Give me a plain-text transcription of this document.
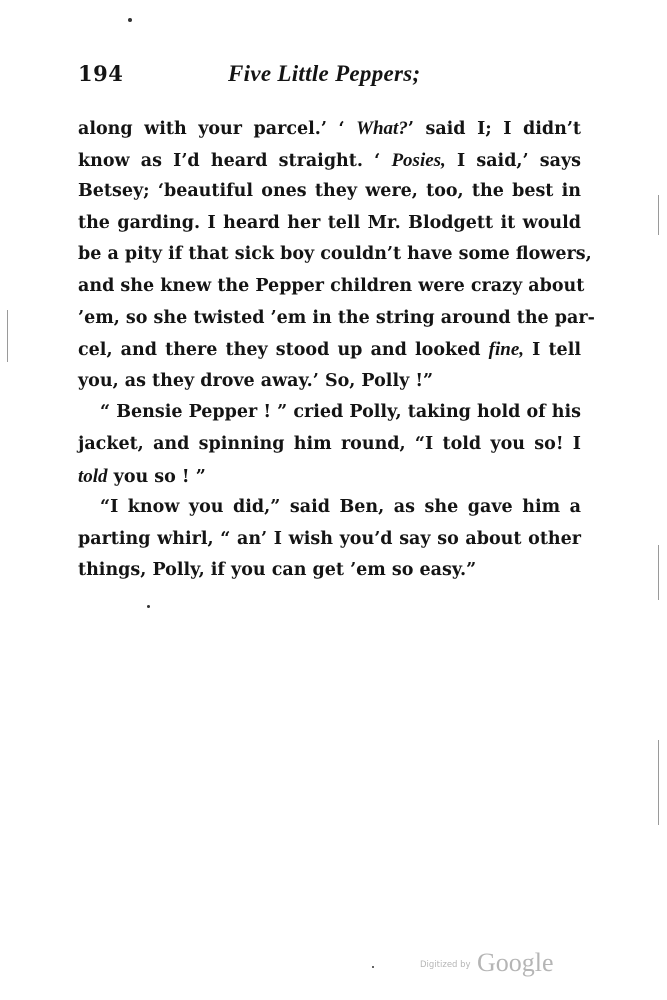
194	Five Little Peppers;
along with your parcel.’ ‘ What?’ said I; I didn’t
know as I’d heard straight. ‘ Posies, I said,’ says
Betsey; ‘beautiful ones they were, too, the best in
the garding. I heard her tell Mr. Blodgett it would
be a pity if that sick boy couldn’t have some flowers,
and she knew the Pepper children were crazy about
’em, so she twisted ’em in the string around the par-
cel, and there they stood up and looked fine, I tell
you, as they drove away.’ So, Polly !”
“ Bensie Pepper ! ” cried Polly, taking hold of his
jacket, and spinning him round, “I told you so! I
told you so ! ”
“I know you did,” said Ben, as she gave him a
parting whirl, “ an’ I wish you’d say so about other
things, Polly, if you can get ’em so easy.”
Digitized by Google
